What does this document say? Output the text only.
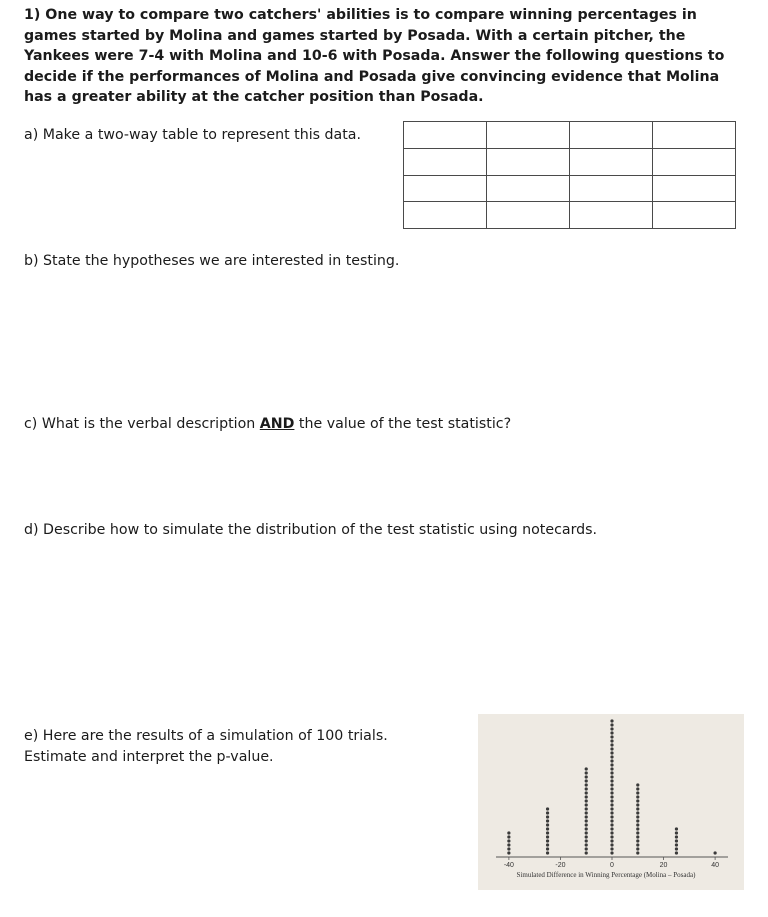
1) One way to compare two catchers' abilities is to compare winning percentages in games started by Molina and games started by Posada. With a certain pitcher, the Yankees were 7-4 with Molina and 10-6 with Posada. Answer the following questions to decide if the performances of Molina and Posada give convincing evidence that Molina has a greater ability at the catcher position than Posada.
a) Make a two-way table to represent this data.

b) State the hypotheses we are interested in testing.
c) What is the verbal description AND the value of the test statistic?
d) Describe how to simulate the distribution of the test statistic using notecards.
e) Here are the results of a simulation of 100 trials. Estimate and interpret the p-value.
-40	-20	0	20	40
Simulated Difference in Winning Percentage (Molina – Posada)
